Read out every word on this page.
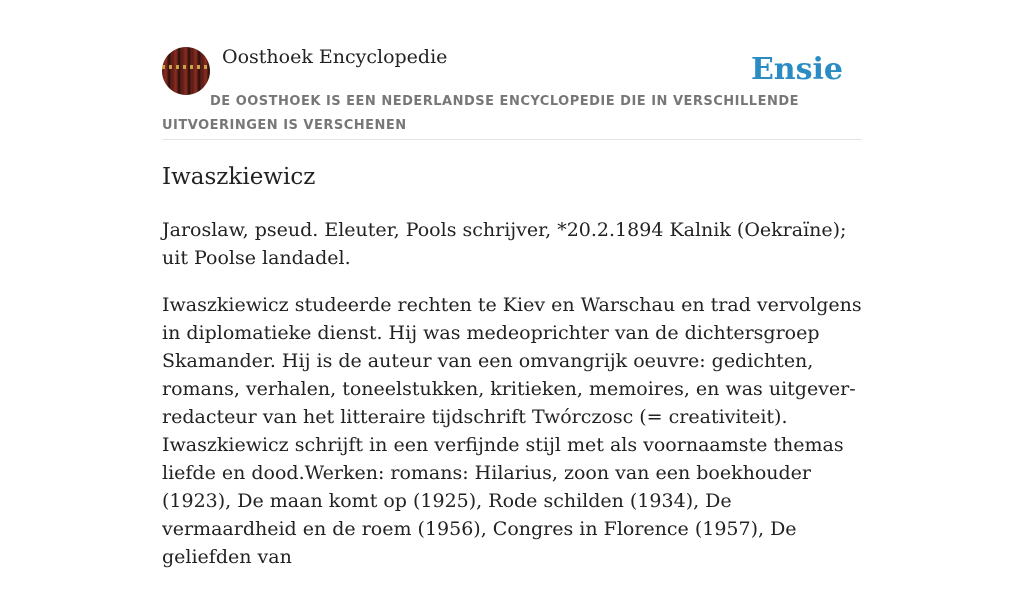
Oosthoek Encyclopedie	Ensie
DE OOSTHOEK IS EEN NEDERLANDSE ENCYCLOPEDIE DIE IN VERSCHILLENDE UITVOERINGEN IS VERSCHENEN
Iwaszkiewicz

Jaroslaw, pseud. Eleuter, Pools schrijver, *20.2.1894 Kalnik (Oekraïne); uit Poolse landadel.

Iwaszkiewicz studeerde rechten te Kiev en Warschau en trad vervolgens in diplomatieke dienst. Hij was medeoprichter van de dichtersgroep Skamander. Hij is de auteur van een omvangrijk oeuvre: gedichten, romans, verhalen, toneelstukken, kritieken, memoires, en was uitgever-redacteur van het litteraire tijdschrift Twórczosc (= creativiteit). Iwaszkiewicz schrijft in een verfijnde stijl met als voornaamste themas liefde en dood.Werken: romans: Hilarius, zoon van een boekhouder (1923), De maan komt op (1925), Rode schilden (1934), De vermaardheid en de roem (1956), Congres in Florence (1957), De geliefden van
